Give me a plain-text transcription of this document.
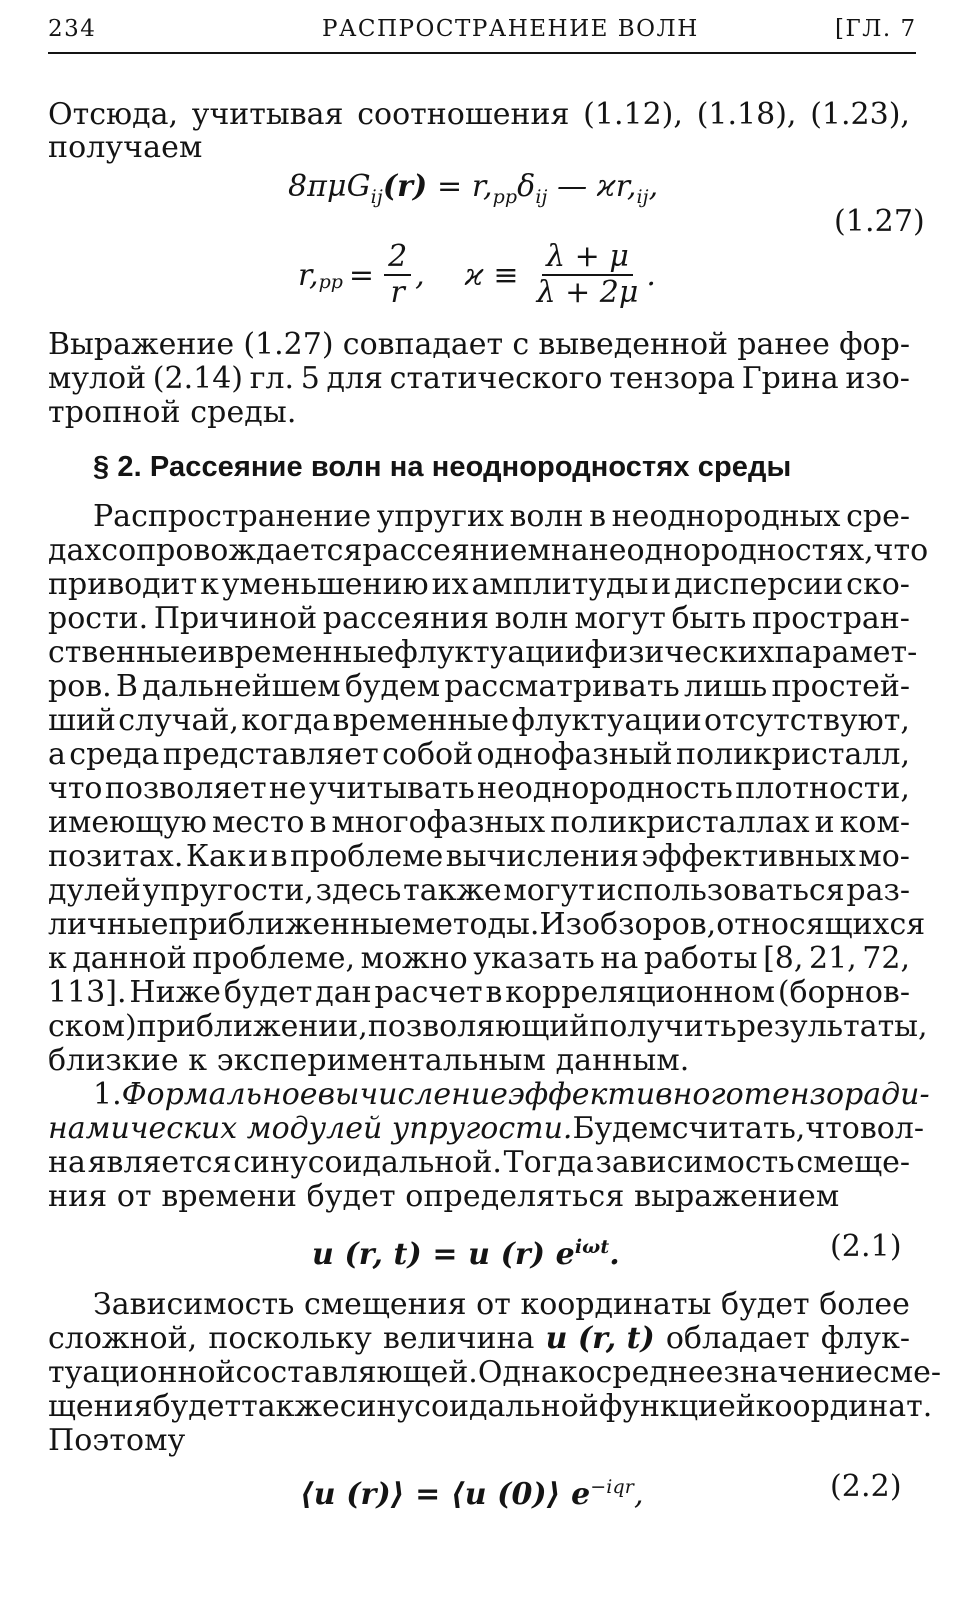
234	РАСПРОСТРАНЕНИЕ ВОЛН	[ГЛ. 7
Отсюда, учитывая соотношения (1.12), (1.18), (1.23),
получаем
$8\pi\mu G_{ij}(r) = r,_{pp}\delta_{ij}$ — $ϰr,_{ij}$,
(1.27)
$r,_{pp} = \frac{2}{r}$ , $ϰ \equiv \frac{\lambda + \mu}{\lambda + 2\mu}$ .
Выражение (1.27) совпадает с выведенной ранее фор-
мулой (2.14) гл. 5 для статического тензора Грина изо-
тропной среды.
§ 2. Рассеяние волн на неоднородностях среды
Распространение упругих волн в неоднородных сре-
дах сопровождается рассеянием на неоднородностях, что
приводит к уменьшению их амплитуды и дисперсии ско-
рости. Причиной рассеяния волн могут быть простран-
ственные и временные флуктуации физических парамет-
ров. В дальнейшем будем рассматривать лишь простей-
ший случай, когда временные флуктуации отсутствуют,
а среда представляет собой однофазный поликристалл,
что позволяет не учитывать неоднородность плотности,
имеющую место в многофазных поликристаллах и ком-
позитах. Как и в проблеме вычисления эффективных мо-
дулей упругости, здесь также могут использоваться раз-
личные приближенные методы. Из обзоров, относящихся
к данной проблеме, можно указать на работы [8, 21, 72,
113]. Ниже будет дан расчет в корреляционном (борнов-
ском) приближении, позволяющий получить результаты,
близкие к экспериментальным данным.
1. Формальное вычисление эффективного тензора ди-
намических модулей упругости. Будем считать, что вол-
на является синусоидальной. Тогда зависимость смеще-
ния от времени будет определяться выражением
u (r, t) = u (r) $e^{i\omega t}$.	(2.1)
Зависимость смещения от координаты будет более
сложной, поскольку величина u (r, t) обладает флук-
туационной составляющей. Однако среднее значение сме-
щения будет также синусоидальной функцией координат.
Поэтому
⟨u (r)⟩ = ⟨u (0)⟩ $e^{-iqr}$,	(2.2)
